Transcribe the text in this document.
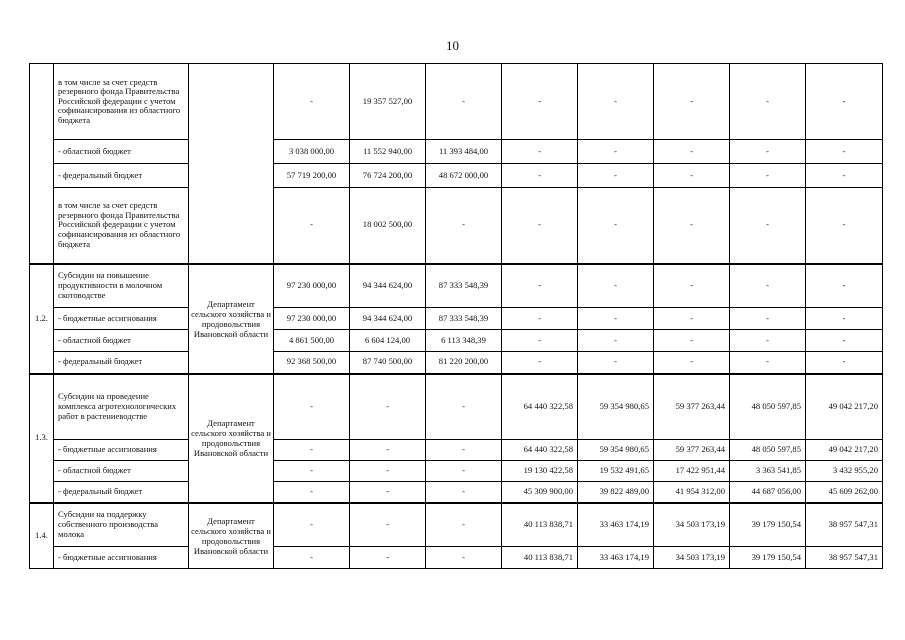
10
	в том числе за счет средств резервного фонда Правительства Российской федерации с учетом софинансирования из областного бюджета		-	19 357 527,00	-	-	-	-	-	-
	- областной бюджет		3 038 000,00	11 552 940,00	11 393 484,00	-	-	-	-	-
	- федеральный бюджет		57 719 200,00	76 724 200,00	48 672 000,00	-	-	-	-	-
	в том числе за счет средств резервного фонда Правительства Российской федерации с учетом софинансирования из областного бюджета		-	18 002 500,00	-	-	-	-	-	-
1.2.	Субсидии на повышение продуктивности в молочном скотоводстве	Департамент сельского хозяйства и продовольствия Ивановской области	97 230 000,00	94 344 624,00	87 333 548,39	-	-	-	-	-
	- бюджетные ассигнования		97 230 000,00	94 344 624,00	87 333 548,39	-	-	-	-	-
	- областной бюджет		4 861 500,00	6 604 124,00	6 113 348,39	-	-	-	-	-
	- федеральный бюджет		92 368 500,00	87 740 500,00	81 220 200,00	-	-	-	-	-
1.3.	Субсидии на проведение комплекса агротехнологических работ в растениеводстве	Департамент сельского хозяйства и продовольствия Ивановской области	-	-	-	64 440 322,58	59 354 980,65	59 377 263,44	48 050 597,85	49 042 217,20
	- бюджетные ассигнования		-	-	-	64 440 322,58	59 354 980,65	59 377 263,44	48 050 597,85	49 042 217,20
	- областной бюджет		-	-	-	19 130 422,58	19 532 491,65	17 422 951,44	3 363 541,85	3 432 955,20
	- федеральный бюджет		-	-	-	45 309 900,00	39 822 489,00	41 954 312,00	44 687 056,00	45 609 262,00
1.4.	Субсидии на поддержку собственного производства молока	Департамент сельского хозяйства и продовольствия Ивановской области	-	-	-	40 113 838,71	33 463 174,19	34 503 173,19	39 179 150,54	38 957 547,31
	- бюджетные ассигнования		-	-	-	40 113 838,71	33 463 174,19	34 503 173,19	39 179 150,54	38 957 547,31
